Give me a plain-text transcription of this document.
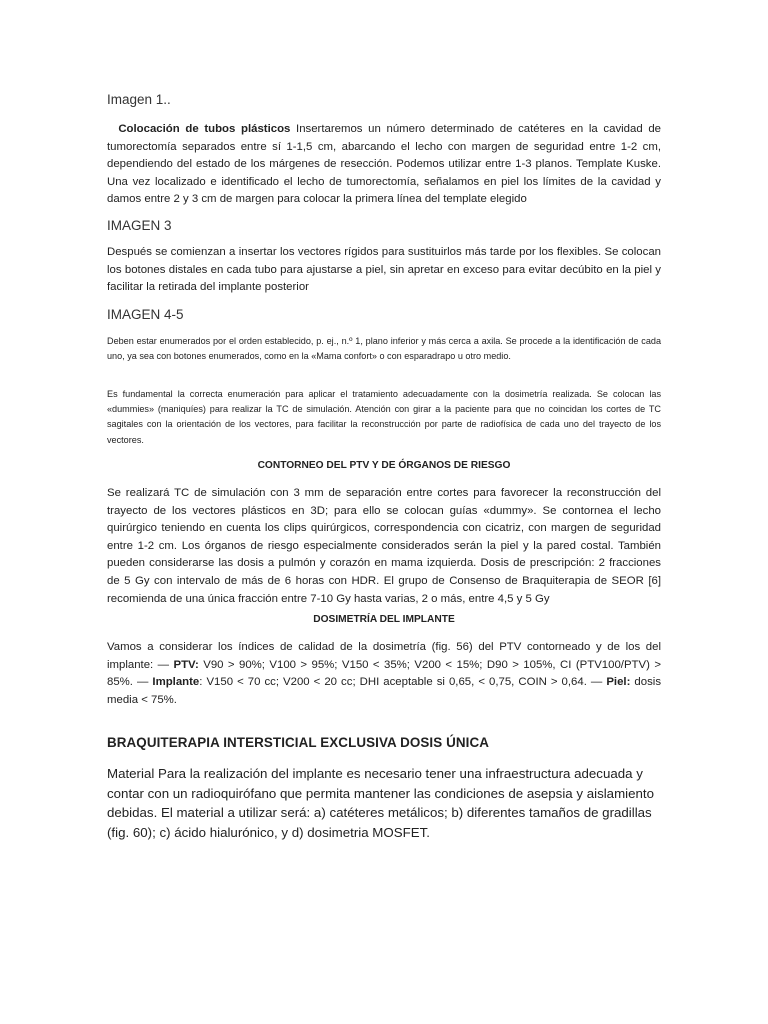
Imagen 1..

Colocación de tubos plásticos Insertaremos un número determinado de catéteres en la cavidad de tumorectomía separados entre sí 1-1,5 cm, abarcando el lecho con margen de seguridad entre 1-2 cm, dependiendo del estado de los márgenes de resección. Podemos utilizar entre 1-3 planos. Template Kuske. Una vez localizado e identificado el lecho de tumorectomía, señalamos en piel los límites de la cavidad y damos entre 2 y 3 cm de margen para colocar la primera línea del template elegido

IMAGEN 3

Después se comienzan a insertar los vectores rígidos para sustituirlos más tarde por los flexibles. Se colocan los botones distales en cada tubo para ajustarse a piel, sin apretar en exceso para evitar decúbito en la piel y facilitar la retirada del implante posterior

IMAGEN 4-5

Deben estar enumerados por el orden establecido, p. ej., n.º 1, plano inferior y más cerca a axila. Se procede a la identificación de cada uno, ya sea con botones enumerados, como en la «Mama confort» o con esparadrapo u otro medio.

Es fundamental la correcta enumeración para aplicar el tratamiento adecuadamente con la dosimetría realizada. Se colocan las «dummies» (maniquíes) para realizar la TC de simulación. Atención con girar a la paciente para que no coincidan los cortes de TC sagitales con la orientación de los vectores, para facilitar la reconstrucción por parte de radiofísica de cada uno del trayecto de los vectores.

CONTORNEO DEL PTV Y DE ÓRGANOS DE RIESGO

Se realizará TC de simulación con 3 mm de separación entre cortes para favorecer la reconstrucción del trayecto de los vectores plásticos en 3D; para ello se colocan guías «dummy». Se contornea el lecho quirúrgico teniendo en cuenta los clips quirúrgicos, correspondencia con cicatriz, con margen de seguridad entre 1-2 cm. Los órganos de riesgo especialmente considerados serán la piel y la pared costal. También pueden considerarse las dosis a pulmón y corazón en mama izquierda. Dosis de prescripción: 2 fracciones de 5 Gy con intervalo de más de 6 horas con HDR. El grupo de Consenso de Braquiterapia de SEOR [6] recomienda de una única fracción entre 7-10 Gy hasta varias, 2 o más, entre 4,5 y 5 Gy

DOSIMETRÍA DEL IMPLANTE

Vamos a considerar los índices de calidad de la dosimetría (fig. 56) del PTV contorneado y de los del implante: — PTV: V90 > 90%; V100 > 95%; V150 < 35%; V200 < 15%; D90 > 105%, CI (PTV100/PTV) > 85%. — Implante: V150 < 70 cc; V200 < 20 cc; DHI aceptable si 0,65, < 0,75, COIN > 0,64. — Piel: dosis media < 75%.

BRAQUITERAPIA INTERSTICIAL EXCLUSIVA DOSIS ÚNICA

Material Para la realización del implante es necesario tener una infraestructura adecuada y contar con un radioquirófano que permita mantener las condiciones de asepsia y aislamiento debidas. El material a utilizar será: a) catéteres metálicos; b) diferentes tamaños de gradillas (fig. 60); c) ácido hialurónico, y d) dosimetria MOSFET.
